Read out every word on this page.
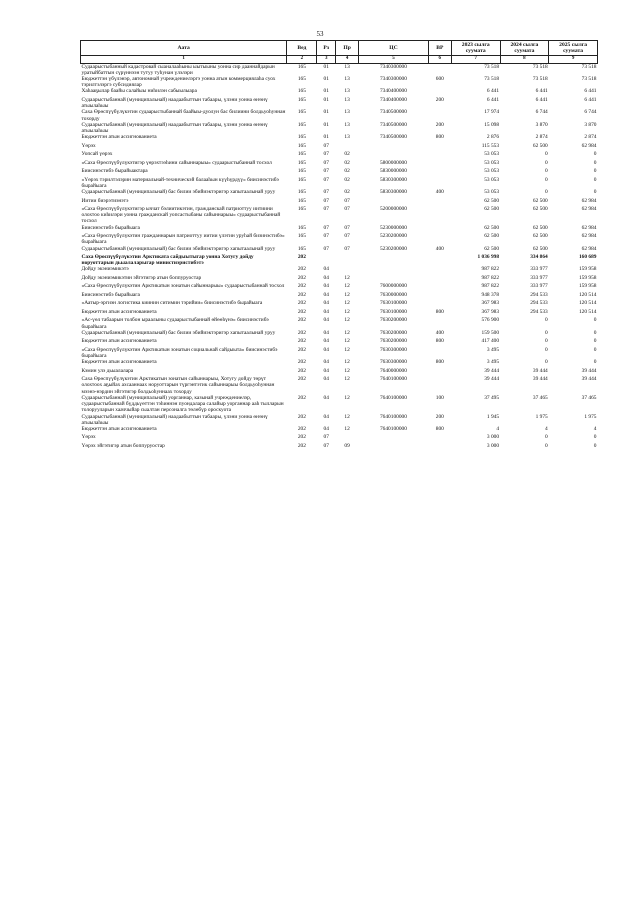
53
Аата	Вед	Рз	Пр	ЦС	ВР	2023 сылга суумата	2024 сылга суумата	2025 сылга суумата
1	2	3	4	5	6	7	8	9
Судаарыстыбанный кадастровай сыаналааһыны ыытыыны уонна сир дааннайдарын уратыйбаттын сүрүннээн тутуу туһунан үлэлэри	165	01	13	7340300000		73 518	73 518	73 518
Бюджеттэн үбүлэнэр, автономнай учреждениелэргэ уонна атын коммерциялаһа суох тэрилтэлэргэ субсидиялар	165	01	13	7340300000	600	73 518	73 518	73 518
Хаһааҕылар баайы салайыы ниһилэн сабыылыара	165	01	13	7340400000		6 441	6 441	6 441
Судаарыстыбаннай (муниципальнай) наадаабыттын табаары, үлэни уонна өҥөнү атыылаһыы	165	01	13	7340400000	200	6 441	6 441	6 441
Саха Өрөспүүбүлүкэтин судаарыстыбаннай баайыы-дуолун бас билиини болдьуоһуннан тохорду	165	01	13	7340500000		17 974	6 744	6 744
Судаарыстыбаннай (муниципальнай) наадаабыттын табаары, үлэни уонна өҥөнү атыылаһыы	165	01	13	7340500000	200	15 098	3 870	3 870
Бюджеттэн атын ассигнованиета	165	01	13	7340500000	800	2 876	2 874	2 874
Үөрэх	165	07				115 553	62 500	62 984
Уопсай үөрэх	165	07	02			53 053	0	0
«Саха Өрөспүүбүлүкэтигэр үөрэхтээһини сайыннарыы» судаарыстыбаннай тосхол	165	07	02	5800000000		53 053	0	0
Биисинэстибэ бырайыактара	165	07	02	5830000000		53 053	0	0
«Үөрэх тэрилтэлэрин материальнай-техническэй балааһын күүһүрдүү» биисинэстибэ бырайыага	165	07	02	5830300000		53 053	0	0
Судаарыстыбаннай (муниципальнай) бас билии эбийиэктэригэр хапытаалынай уруу	165	07	02	5830300000	400	53 053	0	0
Иитии биэрэтиэнэтэ	165	07	07			62 500	62 500	62 984
«Саха Өрөспүүбүлүкэтигэр ыччат бэлиитикэтин, гражданскай патриоттуу иитиини олохтоо киһилэри уонна гражданскай уопсастыбаны сайыннарыы» судаарыстыбаннай тосхол	165	07	07	5200000000		62 500	62 500	62 984
Биисинэстибэ бырайыага	165	07	07	5230000000		62 500	62 500	62 984
«Саха Өрөспүүбүлүкэтин гражданнарын патриоттуу иитии үлэтин уруһай бизинэстибэ» бырайыага	165	07	07	5230200000		62 500	62 500	62 984
Судаарыстыбаннай (муниципальнай) бас билии эбийиэктэригэр хапытаалынай уруу	165	07	07	5230200000	400	62 500	62 500	62 984
Саха Өрөспүүбүлүкэтин Арктиката сайдыытыгар уонна Хотугу дойду норуоттарын дьыалаларыгар министиэристибэтэ	202					1 036 998	334 864	160 689
Дойду экэниэмикэтэ	202	04				987 822	333 977	159 958
Дойду экэниэмикэтин эйгэтигэр атын боппуруостар	202	04	12			987 822	333 977	159 958
«Саха Өрөспүүбүлүкэтин Арктикатын зонатын сайыннарыы» судаарыстыбаннай тосхол	202	04	12	7600000000		987 822	333 977	159 958
Биисинэстибэ бырайыага	202	04	12	7630000000		948 378	294 533	120 514
«Аатыр-эргиэн логистика киинин ситимин тэрийии» биисинэстибэ бырайыага	202	04	12	7630100000		367 983	294 533	120 514
Бюджеттэн атын ассигнованиета	202	04	12	7630100000	800	367 983	294 533	120 514
«Ас-үөл табаарын толбон ыраалыны судаарыстыбаннай өйөөһүнэ» биисинэстибэ бырайыага	202	04	12	7630200000		576 900	0	0
Судаарыстыбаннай (муниципальнай) бас билии эбийиэктэригэр хапытаалынай уруу	202	04	12	7630200000	400	159 500	0	0
Бюджеттэн атын ассигнованиета	202	04	12	7630200000	800	417 400	0	0
«Саха Өрөспүүбүлүкэтин Арктикатын зонатын социальнай сайдыыта» биисинэстибэ бырайыага	202	04	12	7630300000		3 495	0	0
Бюджеттэн атын ассигнованиета	202	04	12	7630300000	800	3 495	0	0
Кэмин улэ дьыалалара	202	04	12	7640000000		39 444	39 444	39 444
Саха Өрөспүүбүлүкэтин Арктикатын зонатын сайыннарыы, Хотугу дойду төрүт олохтоох аҕыйах ахсааннаах норуоттарын түргэнтэтик сайыннарыы болдьуоһуннан мээнэ-нэрдин эйгэтигэр болдьоһуннаах тохорду	202	04	12	7640100000		39 444	39 444	39 444
Судаарыстыбаннай (муниципальнай) уорганнар, казынай учреждениелэр, судаарыстыбаннай бүддьүөттэн тэһиннэн пуондалара салайыр уорганнар ааһ тылларын толорууларын хааччыйар сыалтан персоналга төлөбүр ороскуота	202	04	12	7640100000	100	37 495	37 465	37 465
Судаарыстыбаннай (муниципальнай) наадаабыттын табаары, үлэни уонна өҥөнү атыылаһыы	202	04	12	7640100000	200	1 945	1 975	1 975
Бюджеттэн атын ассигнованиета	202	04	12	7640100000	800	4	4	4
Үөрэх	202	07				3 000	0	0
Үөрэх эйгэтигэр атын боппуруостар	202	07	09			3 000	0	0
